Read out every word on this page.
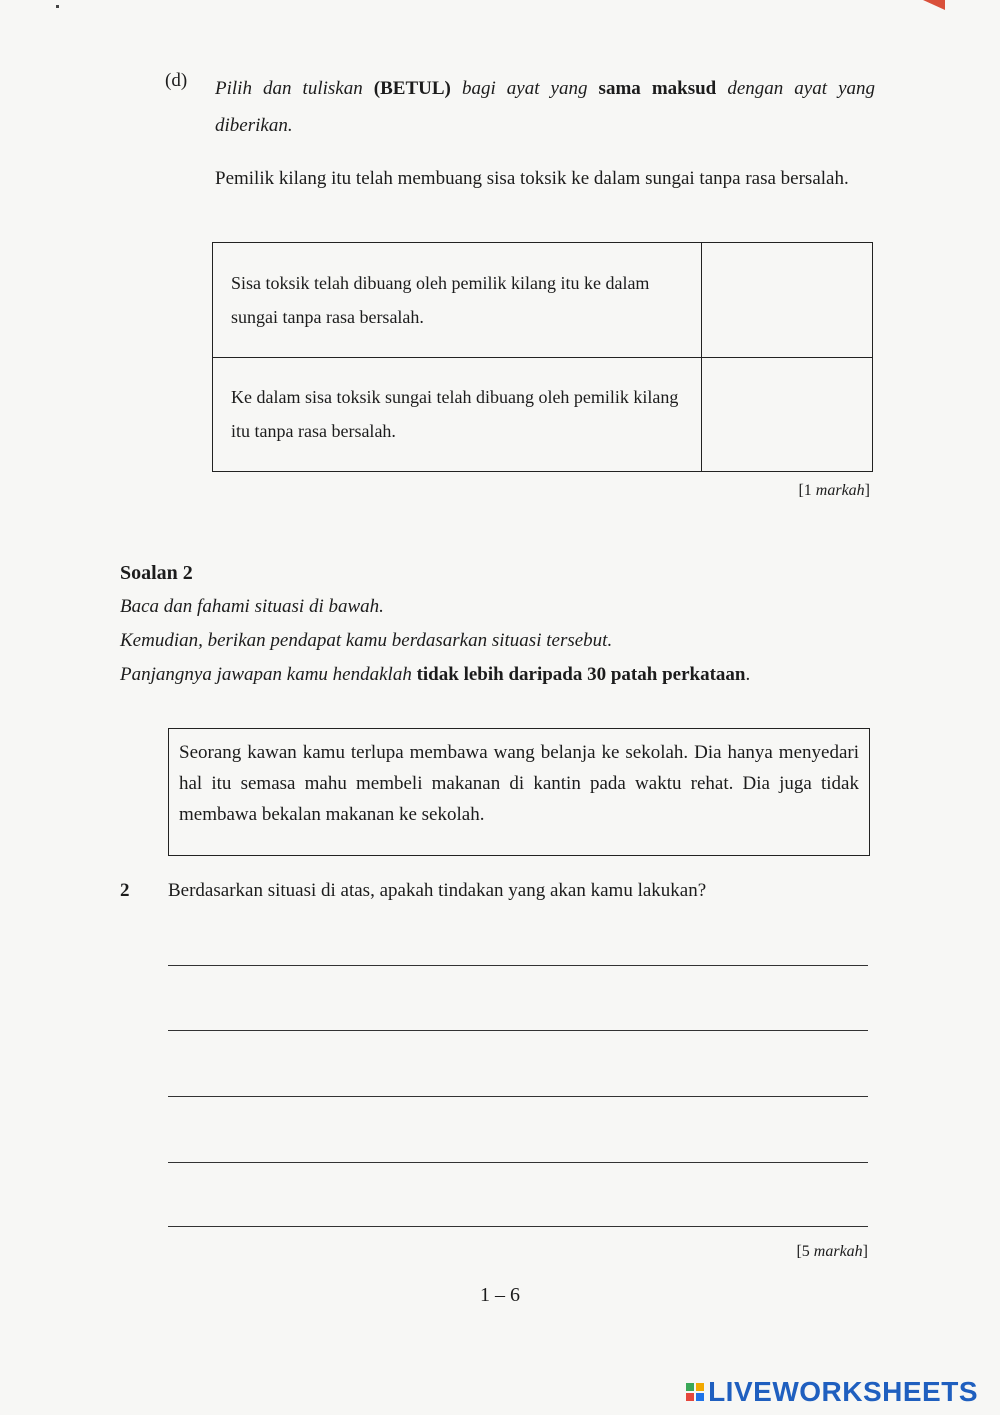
(d) Pilih dan tuliskan (BETUL) bagi ayat yang sama maksud dengan ayat yang diberikan.
Pemilik kilang itu telah membuang sisa toksik ke dalam sungai tanpa rasa bersalah.
Sisa toksik telah dibuang oleh pemilik kilang itu ke dalam sungai tanpa rasa bersalah.	
Ke dalam sisa toksik sungai telah dibuang oleh pemilik kilang itu tanpa rasa bersalah.	
[1 markah]
Soalan 2
Baca dan fahami situasi di bawah.
Kemudian, berikan pendapat kamu berdasarkan situasi tersebut.
Panjangnya jawapan kamu hendaklah tidak lebih daripada 30 patah perkataan.
Seorang kawan kamu terlupa membawa wang belanja ke sekolah. Dia hanya menyedari hal itu semasa mahu membeli makanan di kantin pada waktu rehat. Dia juga tidak membawa bekalan makanan ke sekolah.
2 Berdasarkan situasi di atas, apakah tindakan yang akan kamu lakukan?
[5 markah]
1 – 6
LIVEWORKSHEETS
